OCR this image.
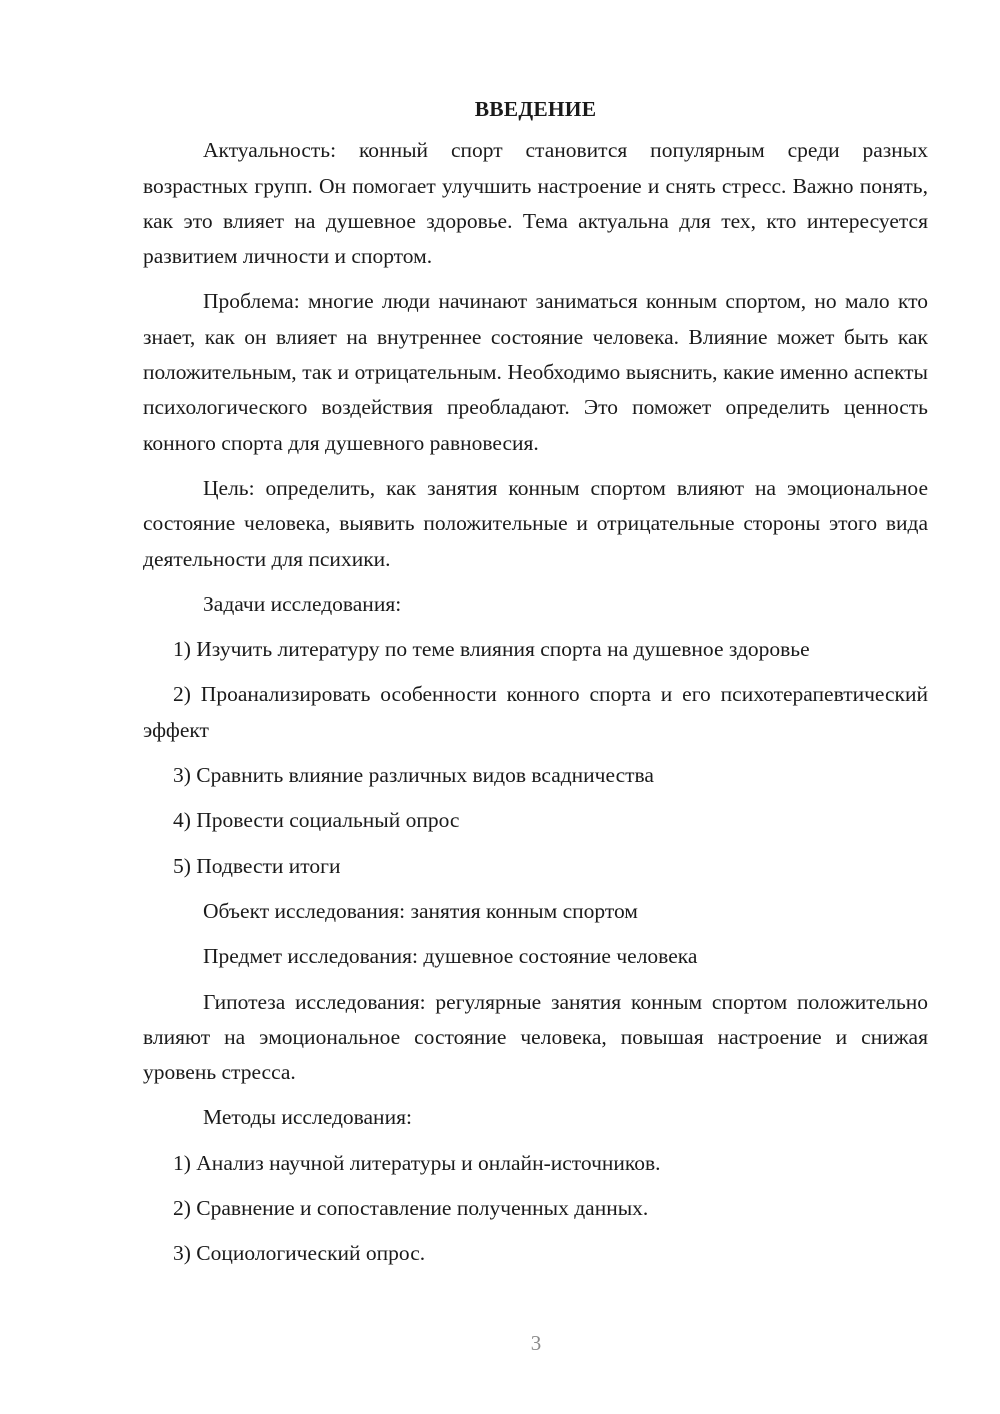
ВВЕДЕНИЕ

Актуальность: конный спорт становится популярным среди разных возрастных групп. Он помогает улучшить настроение и снять стресс. Важно понять, как это влияет на душевное здоровье. Тема актуальна для тех, кто интересуется развитием личности и спортом.

Проблема: многие люди начинают заниматься конным спортом, но мало кто знает, как он влияет на внутреннее состояние человека. Влияние может быть как положительным, так и отрицательным. Необходимо выяснить, какие именно аспекты психологического воздействия преобладают. Это поможет определить ценность конного спорта для душевного равновесия.

Цель: определить, как занятия конным спортом влияют на эмоциональное состояние человека, выявить положительные и отрицательные стороны этого вида деятельности для психики.

Задачи исследования:

1) Изучить литературу по теме влияния спорта на душевное здоровье

2) Проанализировать особенности конного спорта и его психотерапевтический эффект

3) Сравнить влияние различных видов всадничества

4) Провести социальный опрос

5) Подвести итоги

Объект исследования: занятия конным спортом

Предмет исследования: душевное состояние человека

Гипотеза исследования: регулярные занятия конным спортом положительно влияют на эмоциональное состояние человека, повышая настроение и снижая уровень стресса.

Методы исследования:

1) Анализ научной литературы и онлайн-источников.

2) Сравнение и сопоставление полученных данных.

3) Социологический опрос.

3
